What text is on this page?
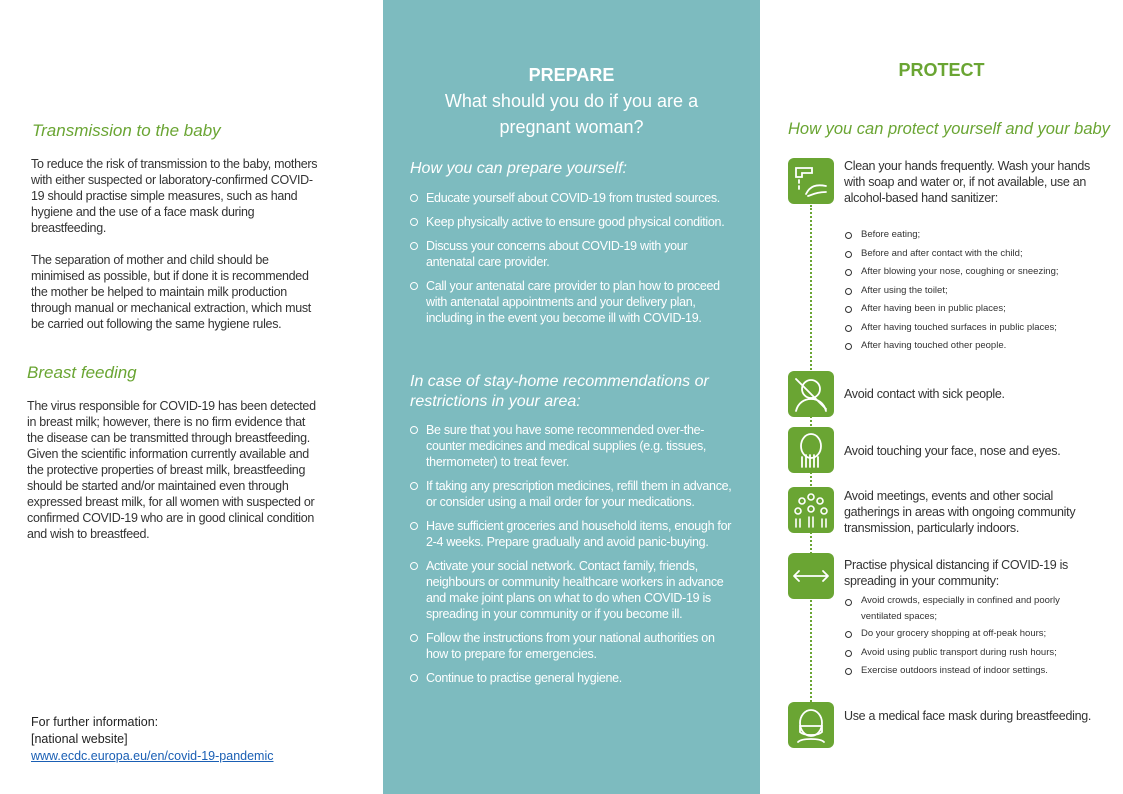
Transmission to the baby

To reduce the risk of transmission to the baby, mothers with either suspected or laboratory-confirmed COVID-19 should practise simple measures, such as hand hygiene and the use of a face mask during breastfeeding.

The separation of mother and child should be minimised as possible, but if done it is recommended the mother be helped to maintain milk production through manual or mechanical extraction, which must be carried out following the same hygiene rules.

Breast feeding

The virus responsible for COVID-19 has been detected in breast milk; however, there is no firm evidence that the disease can be transmitted through breastfeeding. Given the scientific information currently available and the protective properties of breast milk, breastfeeding should be started and/or maintained even through expressed breast milk, for all women with suspected or confirmed COVID-19 who are in good clinical condition and wish to breastfeed.

For further information:
[national website]
www.ecdc.europa.eu/en/covid-19-pandemic
PREPARE
What should you do if you are a pregnant woman?
How you can prepare yourself:
Educate yourself about COVID-19 from trusted sources.
Keep physically active to ensure good physical condition.
Discuss your concerns about COVID-19 with your antenatal care provider.
Call your antenatal care provider to plan how to proceed with antenatal appointments and your delivery plan, including in the event you become ill with COVID-19.
In case of stay-home recommendations or restrictions in your area:
Be sure that you have some recommended over-the-counter medicines and medical supplies (e.g. tissues, thermometer) to treat fever.
If taking any prescription medicines, refill them in advance, or consider using a mail order for your medications.
Have sufficient groceries and household items, enough for 2-4 weeks. Prepare gradually and avoid panic-buying.
Activate your social network. Contact family, friends, neighbours or community healthcare workers in advance and make joint plans on what to do when COVID-19 is spreading in your community or if you become ill.
Follow the instructions from your national authorities on how to prepare for emergencies.
Continue to practise general hygiene.
PROTECT
How you can protect yourself and your baby
Clean your hands frequently. Wash your hands with soap and water or, if not available, use an alcohol-based hand sanitizer:
Before eating;
Before and after contact with the child;
After blowing your nose, coughing or sneezing;
After using the toilet;
After having been in public places;
After having touched surfaces in public places;
After having touched other people.
Avoid contact with sick people.
Avoid touching your face, nose and eyes.
Avoid meetings, events and other social gatherings in areas with ongoing community transmission, particularly indoors.
Practise physical distancing if COVID-19 is spreading in your community:
Avoid crowds, especially in confined and poorly ventilated spaces;
Do your grocery shopping at off-peak hours;
Avoid using public transport during rush hours;
Exercise outdoors instead of indoor settings.
Use a medical face mask during breastfeeding.
